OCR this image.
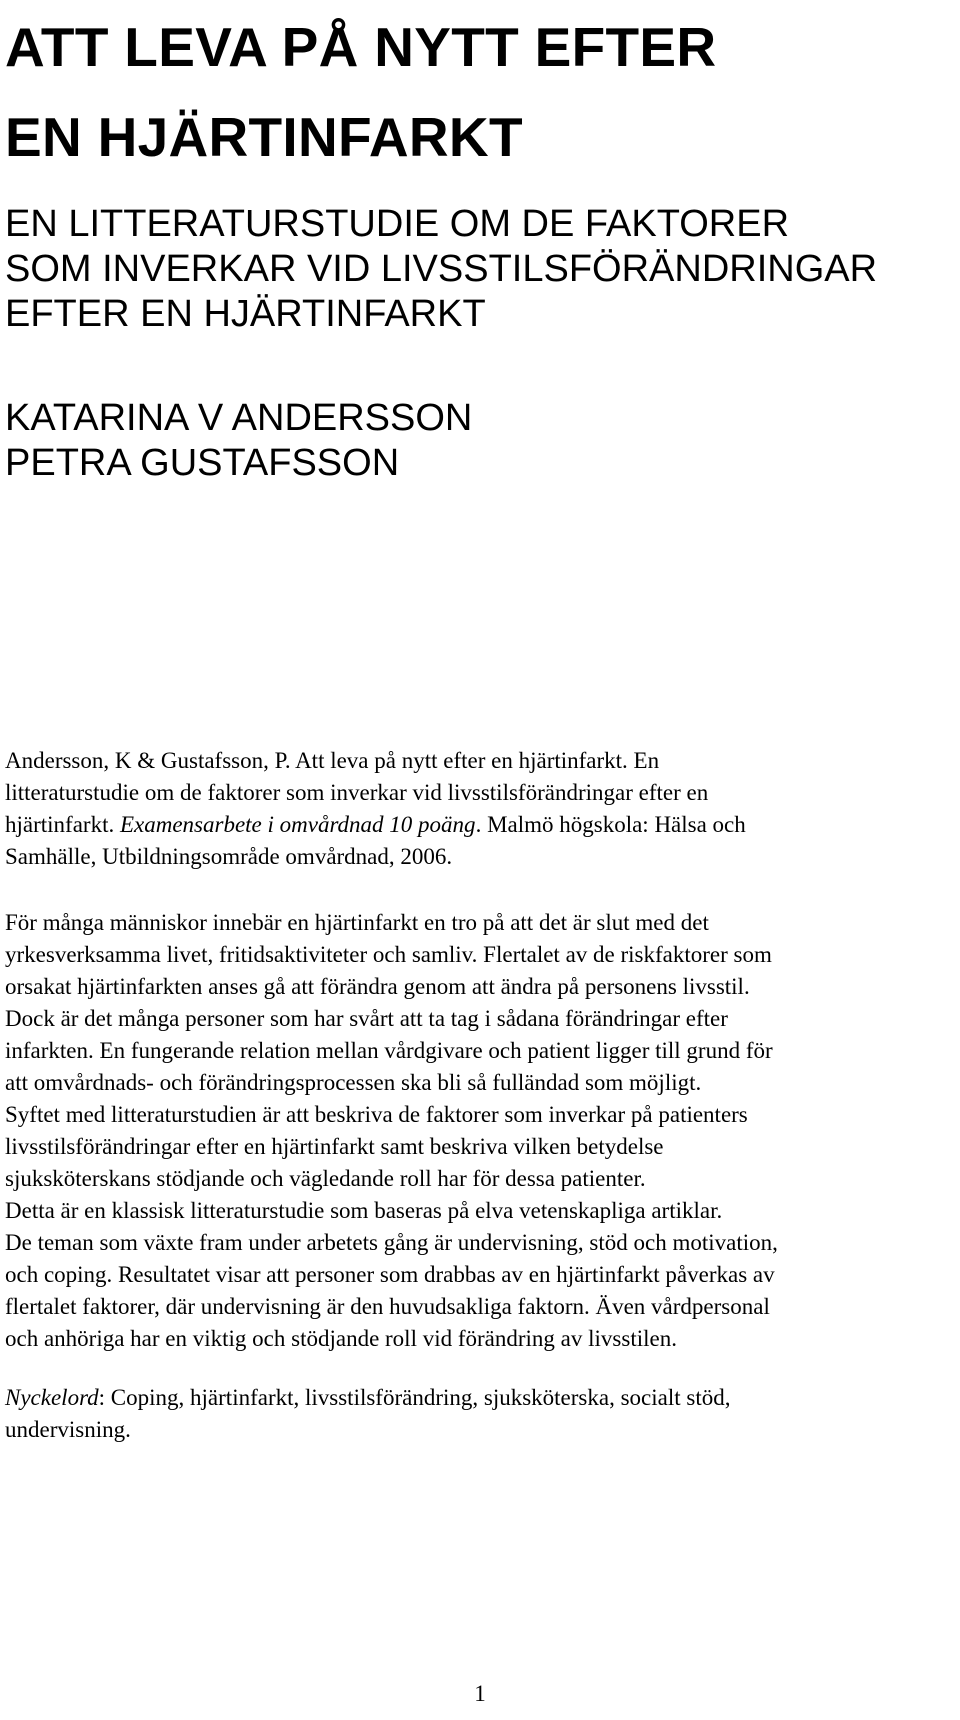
ATT LEVA PÅ NYTT EFTER
EN HJÄRTINFARKT
EN LITTERATURSTUDIE OM DE FAKTORER
SOM INVERKAR VID LIVSSTILSFÖRÄNDRINGAR
EFTER EN HJÄRTINFARKT
KATARINA V ANDERSSON
PETRA GUSTAFSSON
Andersson, K & Gustafsson, P. Att leva på nytt efter en hjärtinfarkt. En
litteraturstudie om de faktorer som inverkar vid livsstilsförändringar efter en
hjärtinfarkt. Examensarbete i omvårdnad 10 poäng. Malmö högskola: Hälsa och
Samhälle, Utbildningsområde omvårdnad, 2006.
För många människor innebär en hjärtinfarkt en tro på att det är slut med det
yrkesverksamma livet, fritidsaktiviteter och samliv. Flertalet av de riskfaktorer som
orsakat hjärtinfarkten anses gå att förändra genom att ändra på personens livsstil.
Dock är det många personer som har svårt att ta tag i sådana förändringar efter
infarkten. En fungerande relation mellan vårdgivare och patient ligger till grund för
att omvårdnads- och förändringsprocessen ska bli så fulländad som möjligt.
Syftet med litteraturstudien är att beskriva de faktorer som inverkar på patienters
livsstilsförändringar efter en hjärtinfarkt samt beskriva vilken betydelse
sjuksköterskans stödjande och vägledande roll har för dessa patienter.
Detta är en klassisk litteraturstudie som baseras på elva vetenskapliga artiklar.
De teman som växte fram under arbetets gång är undervisning, stöd och motivation,
och coping. Resultatet visar att personer som drabbas av en hjärtinfarkt påverkas av
flertalet faktorer, där undervisning är den huvudsakliga faktorn. Även vårdpersonal
och anhöriga har en viktig och stödjande roll vid förändring av livsstilen.
Nyckelord: Coping, hjärtinfarkt, livsstilsförändring, sjuksköterska, socialt stöd,
undervisning.
1
